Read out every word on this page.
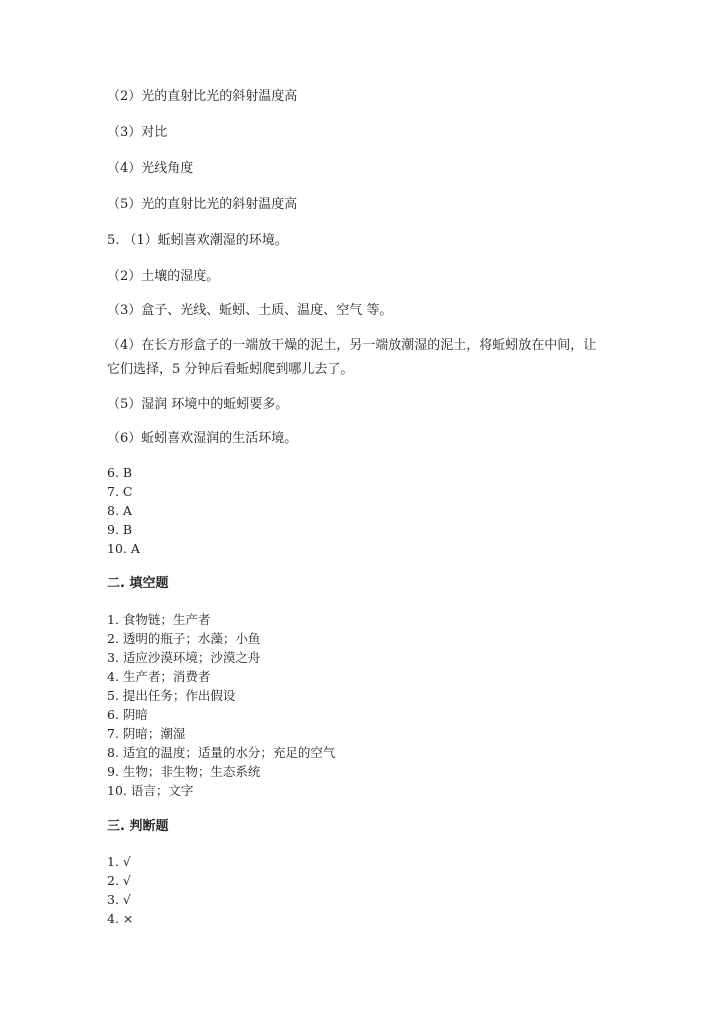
（2）光的直射比光的斜射温度高
（3）对比
（4）光线角度
（5）光的直射比光的斜射温度高
5. （1）蚯蚓喜欢潮湿的环境。
（2）土壤的湿度。
（3）盒子、光线、蚯蚓、土质、温度、空气 等。
（4）在长方形盒子的一端放干燥的泥土，另一端放潮湿的泥土，将蚯蚓放在中间，让它们选择，5 分钟后看蚯蚓爬到哪儿去了。
（5）湿润 环境中的蚯蚓要多。
（6）蚯蚓喜欢湿润的生活环境。
6. B
7. C
8. A
9. B
10. A
二. 填空题
1. 食物链；生产者
2. 透明的瓶子；水藻；小鱼
3. 适应沙漠环境；沙漠之舟
4. 生产者；消费者
5. 提出任务；作出假设
6. 阴暗
7. 阴暗；潮湿
8. 适宜的温度；适量的水分；充足的空气
9. 生物；非生物；生态系统
10. 语言；文字
三. 判断题
1. √
2. √
3. √
4. ×
